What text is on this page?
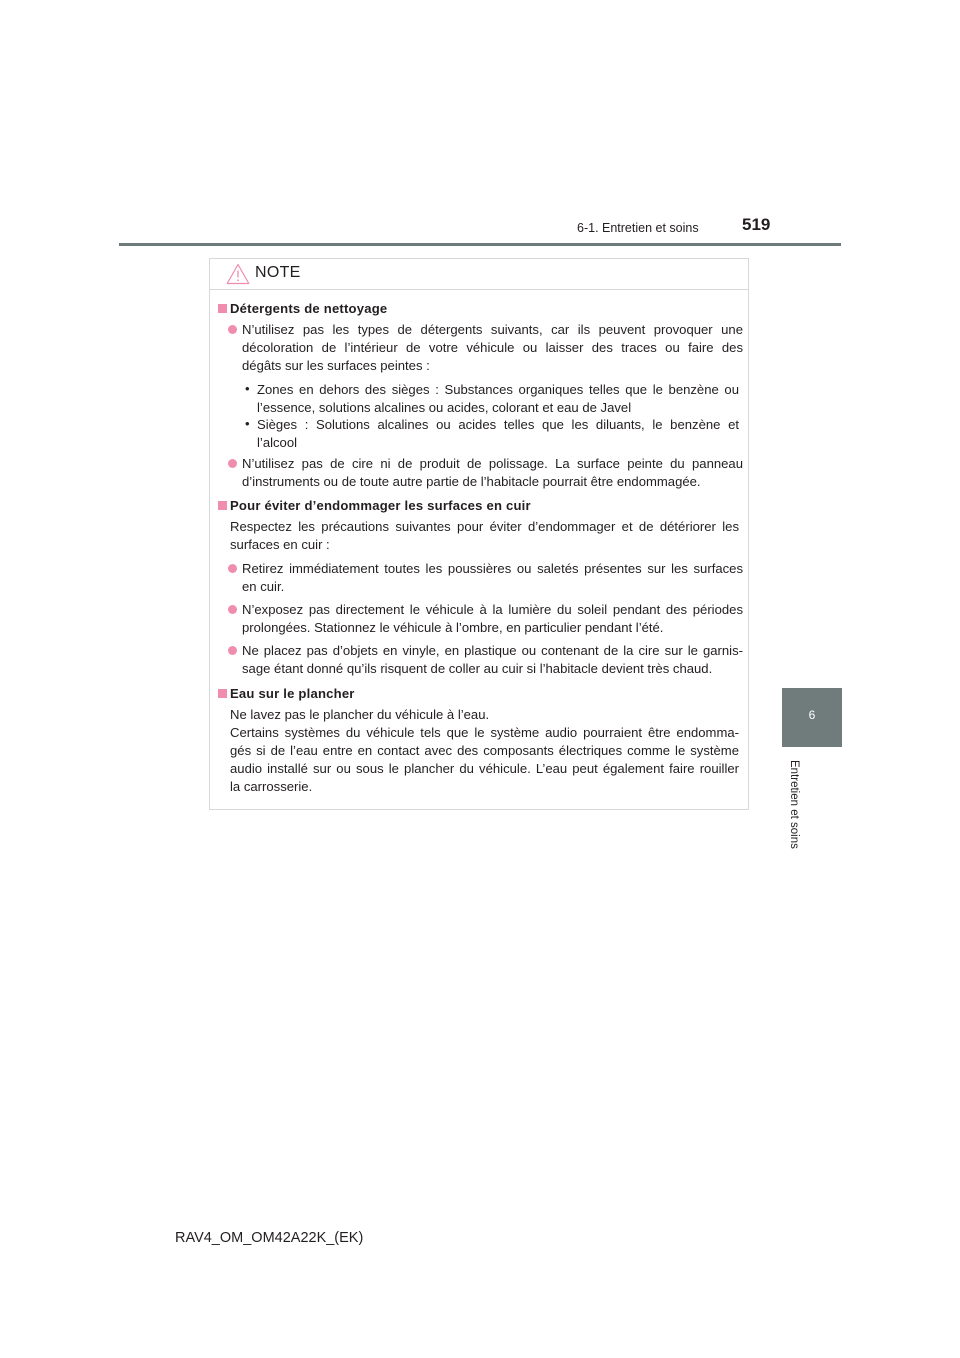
6-1. Entretien et soins	519
6
Entretien et soins
NOTE
Détergents de nettoyage
N’utilisez pas les types de détergents suivants, car ils peuvent provoquer une
décoloration de l’intérieur de votre véhicule ou laisser des traces ou faire des
dégâts sur les surfaces peintes :
• Zones en dehors des sièges : Substances organiques telles que le benzène ou
l’essence, solutions alcalines ou acides, colorant et eau de Javel
• Sièges : Solutions alcalines ou acides telles que les diluants, le benzène et
l’alcool
N’utilisez pas de cire ni de produit de polissage. La surface peinte du panneau
d’instruments ou de toute autre partie de l’habitacle pourrait être endommagée.
Pour éviter d’endommager les surfaces en cuir
Respectez les précautions suivantes pour éviter d’endommager et de détériorer les
surfaces en cuir :
Retirez immédiatement toutes les poussières ou saletés présentes sur les surfaces
en cuir.
N’exposez pas directement le véhicule à la lumière du soleil pendant des périodes
prolongées. Stationnez le véhicule à l’ombre, en particulier pendant l’été.
Ne placez pas d’objets en vinyle, en plastique ou contenant de la cire sur le garnis-
sage étant donné qu’ils risquent de coller au cuir si l’habitacle devient très chaud.
Eau sur le plancher
Ne lavez pas le plancher du véhicule à l’eau.
Certains systèmes du véhicule tels que le système audio pourraient être endomma-
gés si de l’eau entre en contact avec des composants électriques comme le système
audio installé sur ou sous le plancher du véhicule. L’eau peut également faire rouiller
la carrosserie.
RAV4_OM_OM42A22K_(EK)
